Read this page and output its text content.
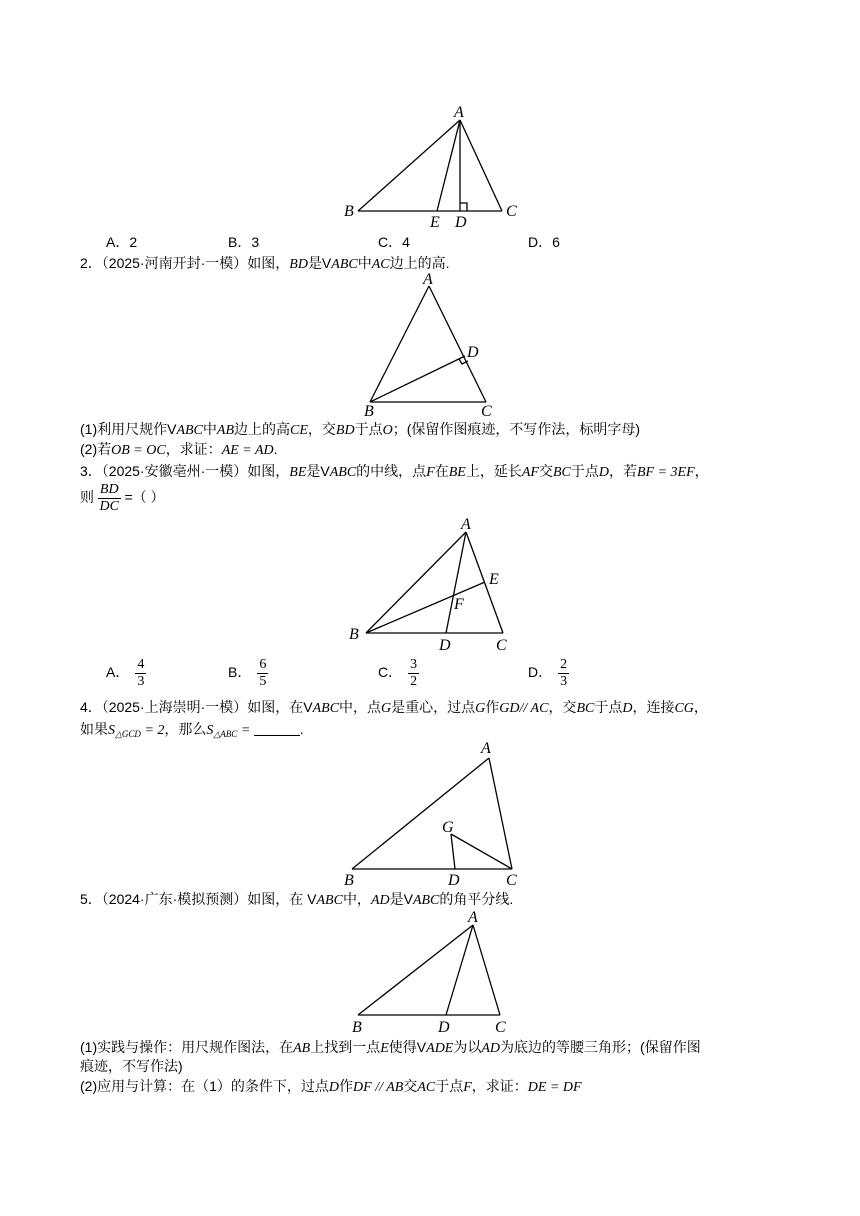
A
B	C
E D
A．2	B．3	C．4	D．6
2．（2025·河南开封·一模）如图，BD是VABC中AC边上的高.
A
D
B	C
(1)利用尺规作VABC中AB边上的高CE，交BD于点O；(保留作图痕迹，不写作法，标明字母)
(2)若OB = OC，求证：AE = AD.
3．（2025·安徽亳州·一模）如图，BE是VABC的中线，点F在BE上，延长AF交BC于点D，若BF = 3EF，
则 $\frac{BD}{DC}$ =（ ）
A
E
F
B
D	C
A． $\frac{4}{3}$	B． $\frac{6}{5}$	C． $\frac{3}{2}$	D． $\frac{2}{3}$
4．（2025·上海崇明·一模）如图，在VABC中，点G是重心，过点G作GD// AC，交BC于点D，连接CG，
如果$S_{\triangle GCD} = 2$，那么$S_{\triangle ABC}$ =	.
A
G
B	D	C
5．（2024·广东·模拟预测）如图，在 VABC中，AD是VABC的角平分线.
A
B	D	C
(1)实践与操作：用尺规作图法，在AB上找到一点E使得VADE为以AD为底边的等腰三角形；(保留作图
痕迹，不写作法)
(2)应用与计算：在（1）的条件下，过点D作DF // AB交AC于点F，求证：DE = DF
